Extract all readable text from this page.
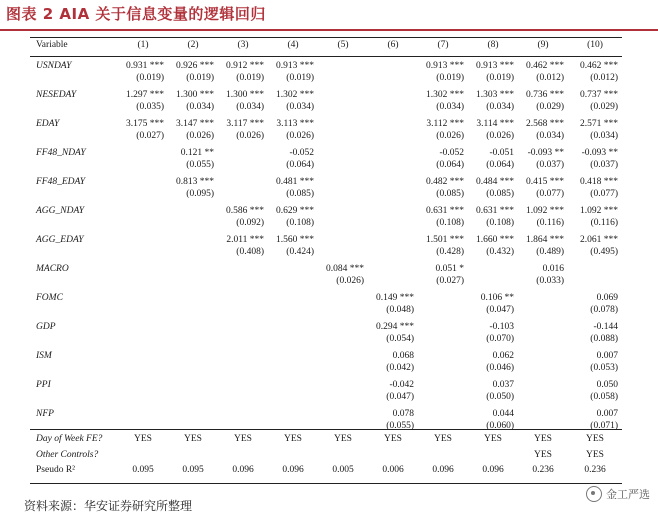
图表 2 AIA 关于信息变量的逻辑回归
Variable	(1)	(2)	(3)	(4)	(5)	(6)	(7)	(8)	(9)	(10)
USNDAY	0.931 ***	0.926 ***	0.912 ***	0.913 ***			0.913 ***	0.913 ***	0.462 ***	0.462 ***
	(0.019)	(0.019)	(0.019)	(0.019)			(0.019)	(0.019)	(0.012)	(0.012)

NESEDAY	1.297 ***	1.300 ***	1.300 ***	1.302 ***			1.302 ***	1.303 ***	0.736 ***	0.737 ***
	(0.035)	(0.034)	(0.034)	(0.034)			(0.034)	(0.034)	(0.029)	(0.029)

EDAY	3.175 ***	3.147 ***	3.117 ***	3.113 ***			3.112 ***	3.114 ***	2.568 ***	2.571 ***
	(0.027)	(0.026)	(0.026)	(0.026)			(0.026)	(0.026)	(0.034)	(0.034)

FF48_NDAY		0.121 **		-0.052			-0.052	-0.051	-0.093 **	-0.093 **
		(0.055)		(0.064)			(0.064)	(0.064)	(0.037)	(0.037)

FF48_EDAY		0.813 ***		0.481 ***			0.482 ***	0.484 ***	0.415 ***	0.418 ***
		(0.095)		(0.085)			(0.085)	(0.085)	(0.077)	(0.077)

AGG_NDAY			0.586 ***	0.629 ***			0.631 ***	0.631 ***	1.092 ***	1.092 ***
			(0.092)	(0.108)			(0.108)	(0.108)	(0.116)	(0.116)

AGG_EDAY			2.011 ***	1.560 ***			1.501 ***	1.660 ***	1.864 ***	2.061 ***
			(0.408)	(0.424)			(0.428)	(0.432)	(0.489)	(0.495)

MACRO					0.084 ***		0.051 *		0.016	
					(0.026)		(0.027)		(0.033)	

FOMC						0.149 ***		0.106 **		0.069
						(0.048)		(0.047)		(0.078)

GDP						0.294 ***		-0.103		-0.144
						(0.054)		(0.070)		(0.088)

ISM						0.068		0.062		0.007
						(0.042)		(0.046)		(0.053)

PPI						-0.042		0.037		0.050
						(0.047)		(0.050)		(0.058)

NFP						0.078		0.044		0.007
						(0.055)		(0.060)		(0.071)

Day of Week FE?	YES	YES	YES	YES	YES	YES	YES	YES	YES	YES

Other Controls?									YES	YES

Pseudo R²	0.095	0.095	0.096	0.096	0.005	0.006	0.096	0.096	0.236	0.236

资料来源：华安证券研究所整理
金工严选
